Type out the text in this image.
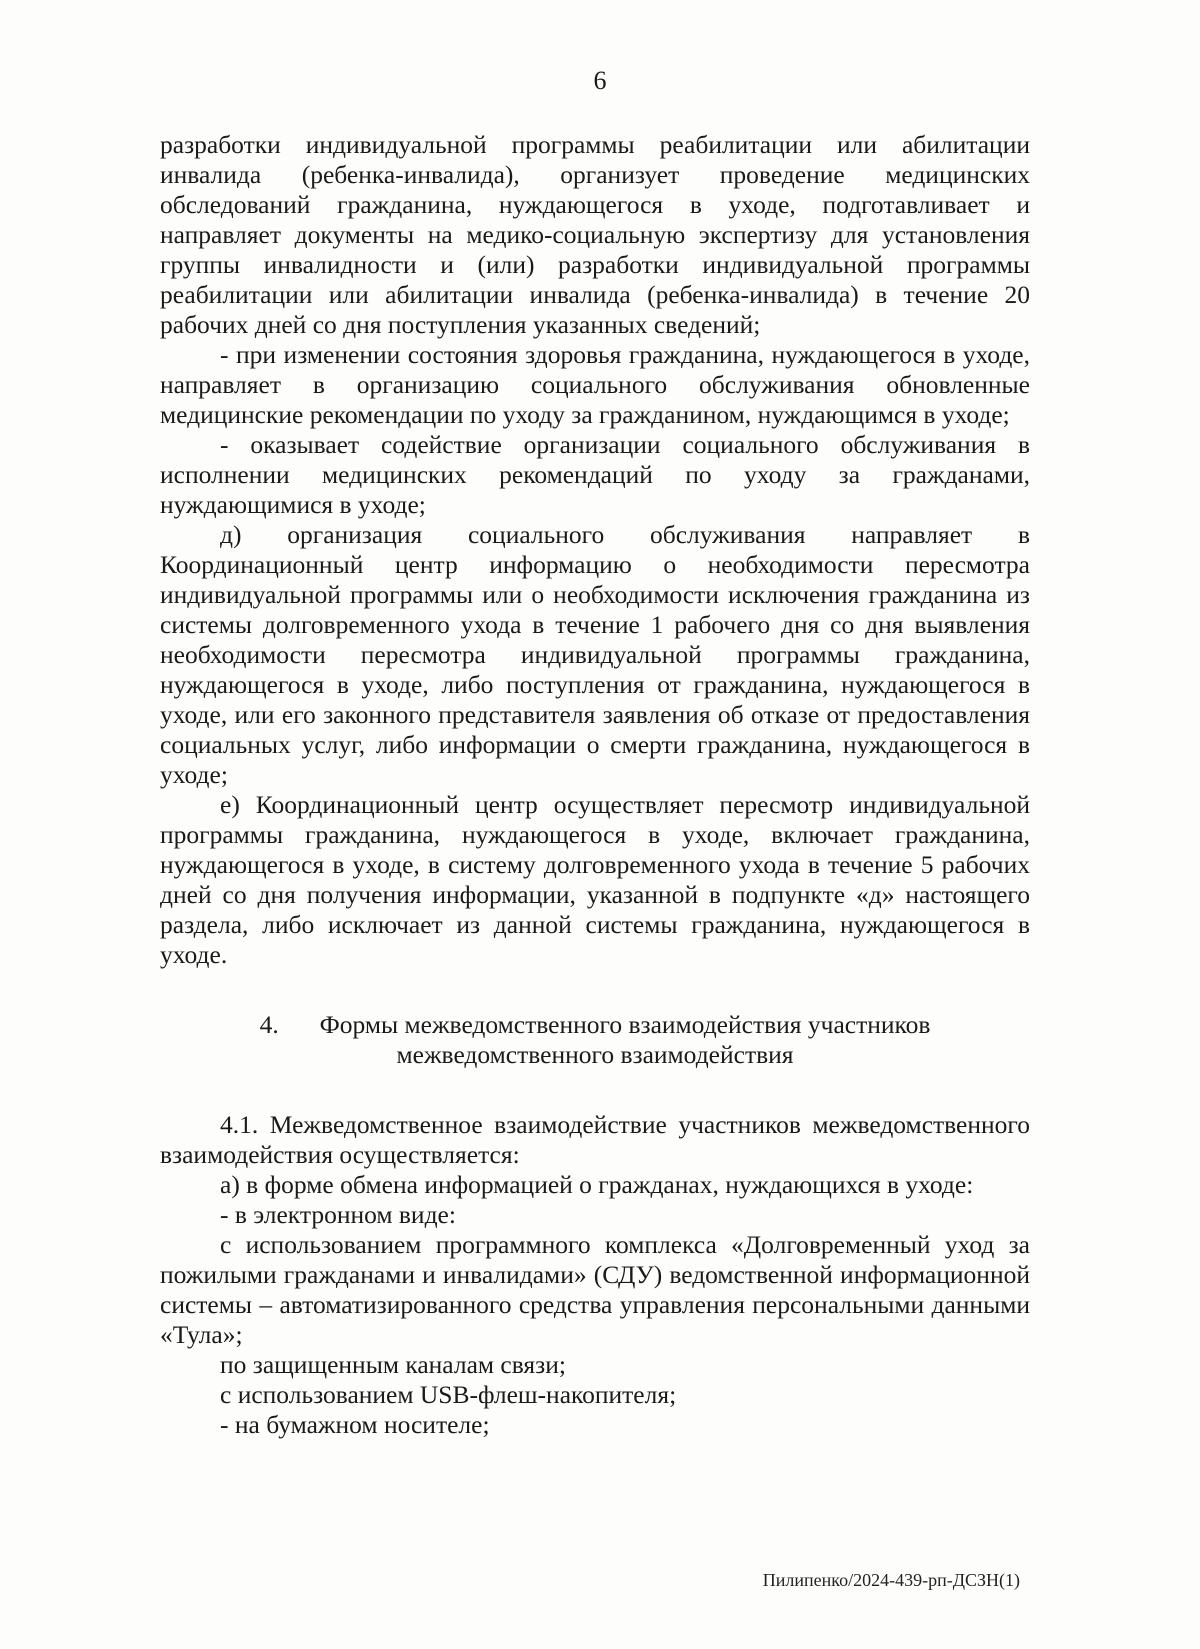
6

разработки индивидуальной программы реабилитации или абилитации инвалида (ребенка-инвалида), организует проведение медицинских обследований гражданина, нуждающегося в уходе, подготавливает и направляет документы на медико-социальную экспертизу для установления группы инвалидности и (или) разработки индивидуальной программы реабилитации или абилитации инвалида (ребенка-инвалида) в течение 20 рабочих дней со дня поступления указанных сведений;

- при изменении состояния здоровья гражданина, нуждающегося в уходе, направляет в организацию социального обслуживания обновленные медицинские рекомендации по уходу за гражданином, нуждающимся в уходе;

- оказывает содействие организации социального обслуживания в исполнении медицинских рекомендаций по уходу за гражданами, нуждающимися в уходе;

д) организация социального обслуживания направляет в Координационный центр информацию о необходимости пересмотра индивидуальной программы или о необходимости исключения гражданина из системы долговременного ухода в течение 1 рабочего дня со дня выявления необходимости пересмотра индивидуальной программы гражданина, нуждающегося в уходе, либо поступления от гражданина, нуждающегося в уходе, или его законного представителя заявления об отказе от предоставления социальных услуг, либо информации о смерти гражданина, нуждающегося в уходе;

е) Координационный центр осуществляет пересмотр индивидуальной программы гражданина, нуждающегося в уходе, включает гражданина, нуждающегося в уходе, в систему долговременного ухода в течение 5 рабочих дней со дня получения информации, указанной в подпункте «д» настоящего раздела, либо исключает из данной системы гражданина, нуждающегося в уходе.

4. Формы межведомственного взаимодействия участников
межведомственного взаимодействия

4.1. Межведомственное взаимодействие участников межведомственного взаимодействия осуществляется:

а) в форме обмена информацией о гражданах, нуждающихся в уходе:

- в электронном виде:

с использованием программного комплекса «Долговременный уход за пожилыми гражданами и инвалидами» (СДУ) ведомственной информационной системы – автоматизированного средства управления персональными данными «Тула»;

по защищенным каналам связи;

с использованием USB-флеш-накопителя;

- на бумажном носителе;

Пилипенко/2024-439-рп-ДСЗН(1)
